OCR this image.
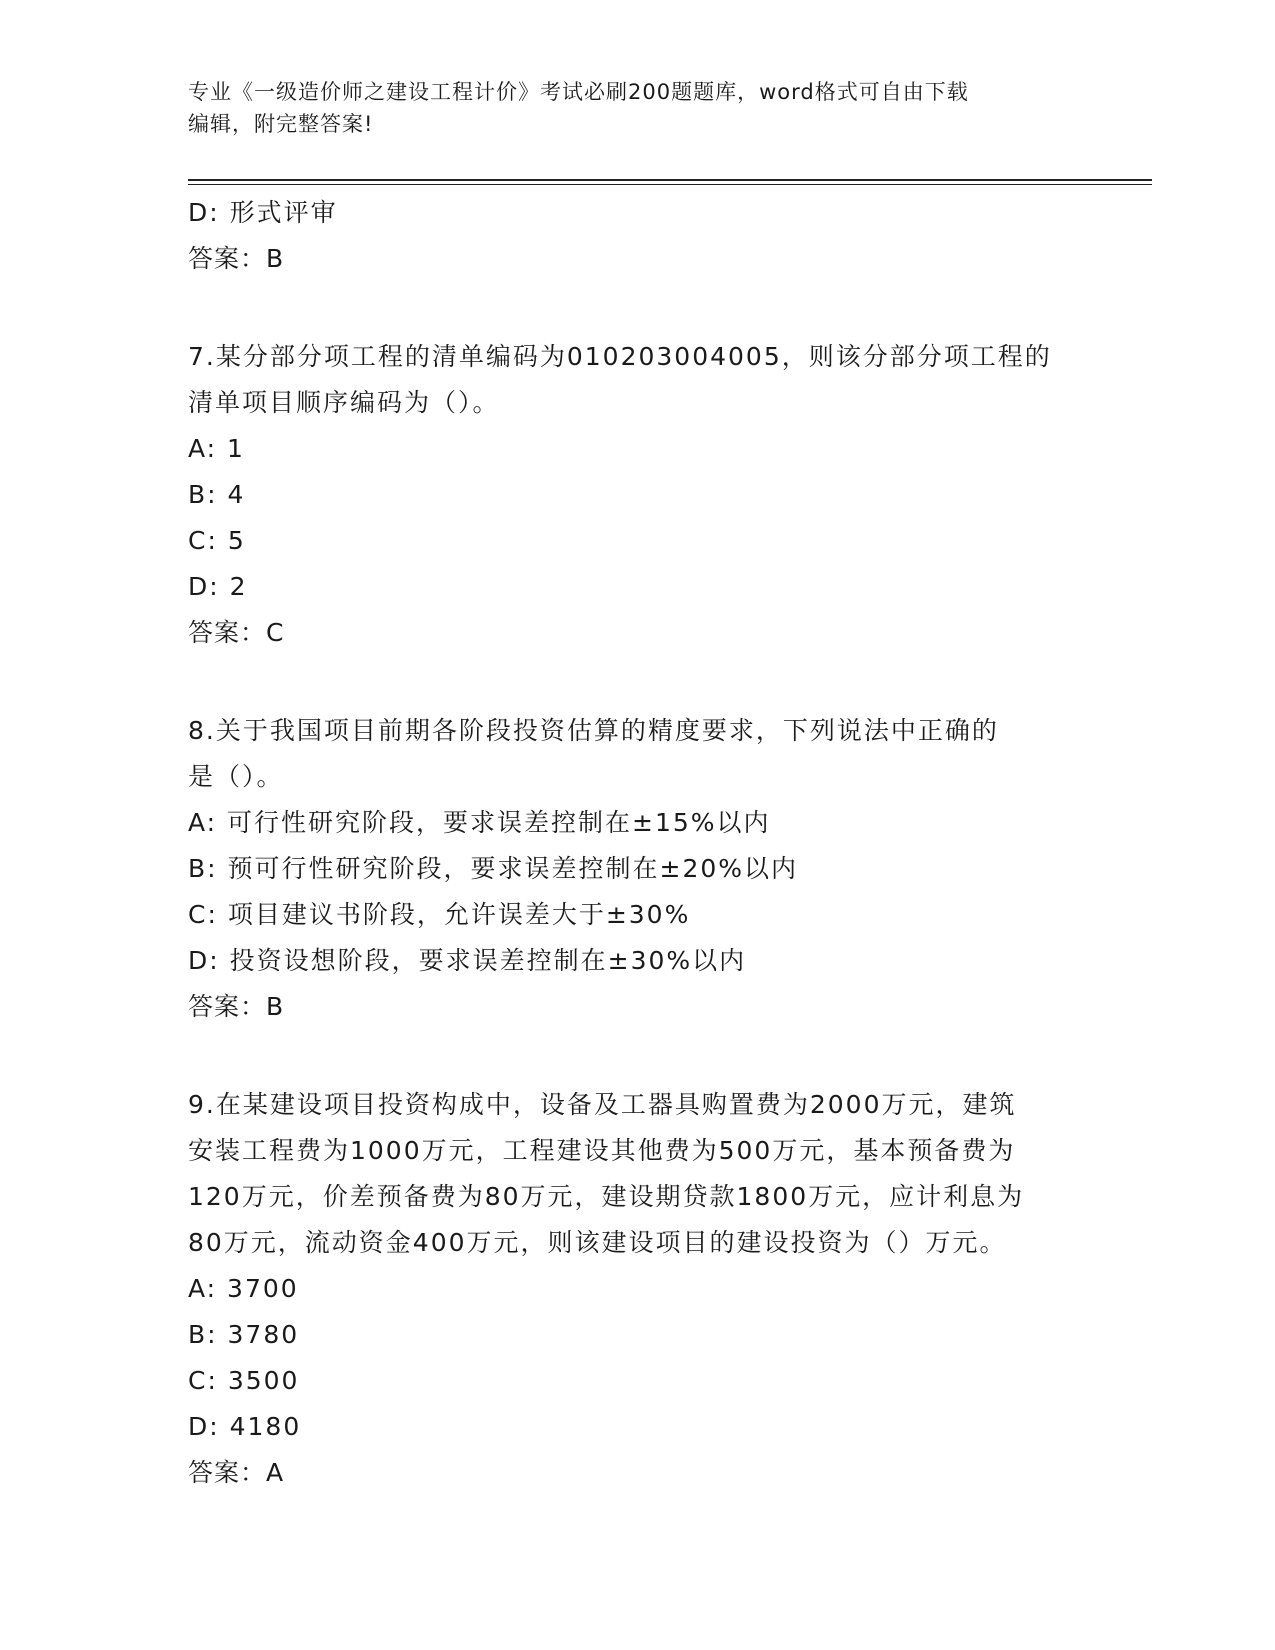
专业《一级造价师之建设工程计价》考试必刷200题题库，word格式可自由下载
编辑，附完整答案!
D: 形式评审
答案：B
7.某分部分项工程的清单编码为010203004005，则该分部分项工程的
清单项目顺序编码为（）。
A: 1
B: 4
C: 5
D: 2
答案：C
8.关于我国项目前期各阶段投资估算的精度要求，下列说法中正确的
是（）。
A: 可行性研究阶段，要求误差控制在±15%以内
B: 预可行性研究阶段，要求误差控制在±20%以内
C: 项目建议书阶段，允许误差大于±30%
D: 投资设想阶段，要求误差控制在±30%以内
答案：B
9.在某建设项目投资构成中，设备及工器具购置费为2000万元，建筑
安装工程费为1000万元，工程建设其他费为500万元，基本预备费为
120万元，价差预备费为80万元，建设期贷款1800万元，应计利息为
80万元，流动资金400万元，则该建设项目的建设投资为（）万元。
A: 3700
B: 3780
C: 3500
D: 4180
答案：A
